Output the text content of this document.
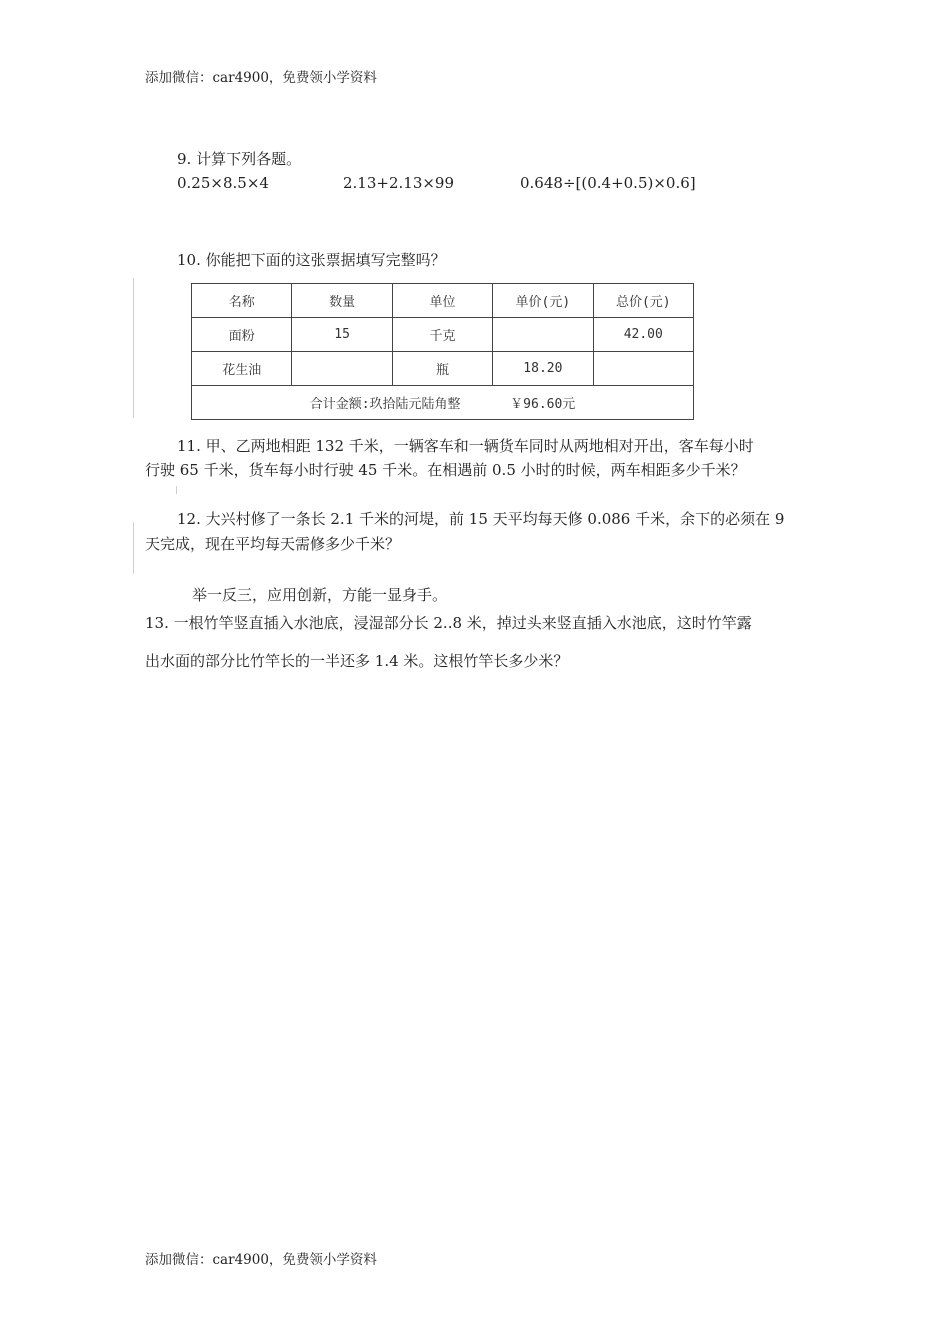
添加微信：car4900，免费领小学资料
9. 计算下列各题。
0.25×8.5×4	2.13+2.13×99	0.648÷[(0.4+0.5)×0.6]
10. 你能把下面的这张票据填写完整吗？
名称	数量	单位	单价(元)	总价(元)
面粉	15	千克		42.00
花生油		瓶	18.20	
合计金额:玖拾陆元陆角整 ￥96.60元				
11. 甲、乙两地相距 132 千米，一辆客车和一辆货车同时从两地相对开出，客车每小时
行驶 65 千米，货车每小时行驶 45 千米。在相遇前 0.5 小时的时候，两车相距多少千米？
12. 大兴村修了一条长 2.1 千米的河堤，前 15 天平均每天修 0.086 千米，余下的必须在 9
天完成，现在平均每天需修多少千米？
举一反三，应用创新，方能一显身手。
13. 一根竹竿竖直插入水池底，浸湿部分长 2..8 米，掉过头来竖直插入水池底，这时竹竿露
出水面的部分比竹竿长的一半还多 1.4 米。这根竹竿长多少米？
添加微信：car4900，免费领小学资料
